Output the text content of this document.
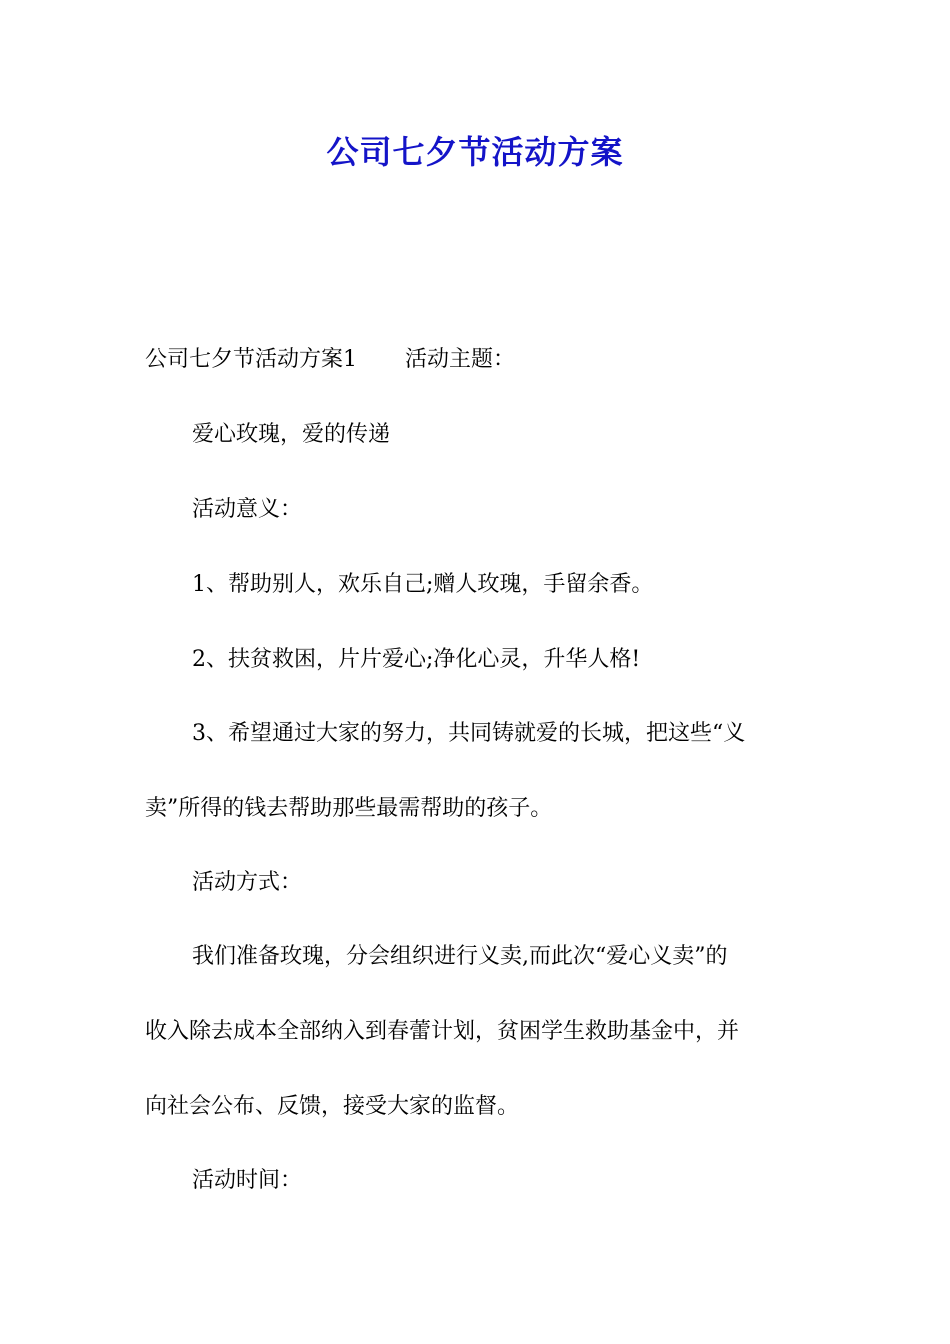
公司七夕节活动方案
公司七夕节活动方案1 活动主题：
爱心玫瑰，爱的传递
活动意义：
1、帮助别人，欢乐自己;赠人玫瑰，手留余香。
2、扶贫救困，片片爱心;净化心灵，升华人格!
3、希望通过大家的努力，共同铸就爱的长城，把这些“义
卖”所得的钱去帮助那些最需帮助的孩子。
活动方式：
我们准备玫瑰，分会组织进行义卖,而此次“爱心义卖”的
收入除去成本全部纳入到春蕾计划，贫困学生救助基金中，并
向社会公布、反馈，接受大家的监督。
活动时间：
